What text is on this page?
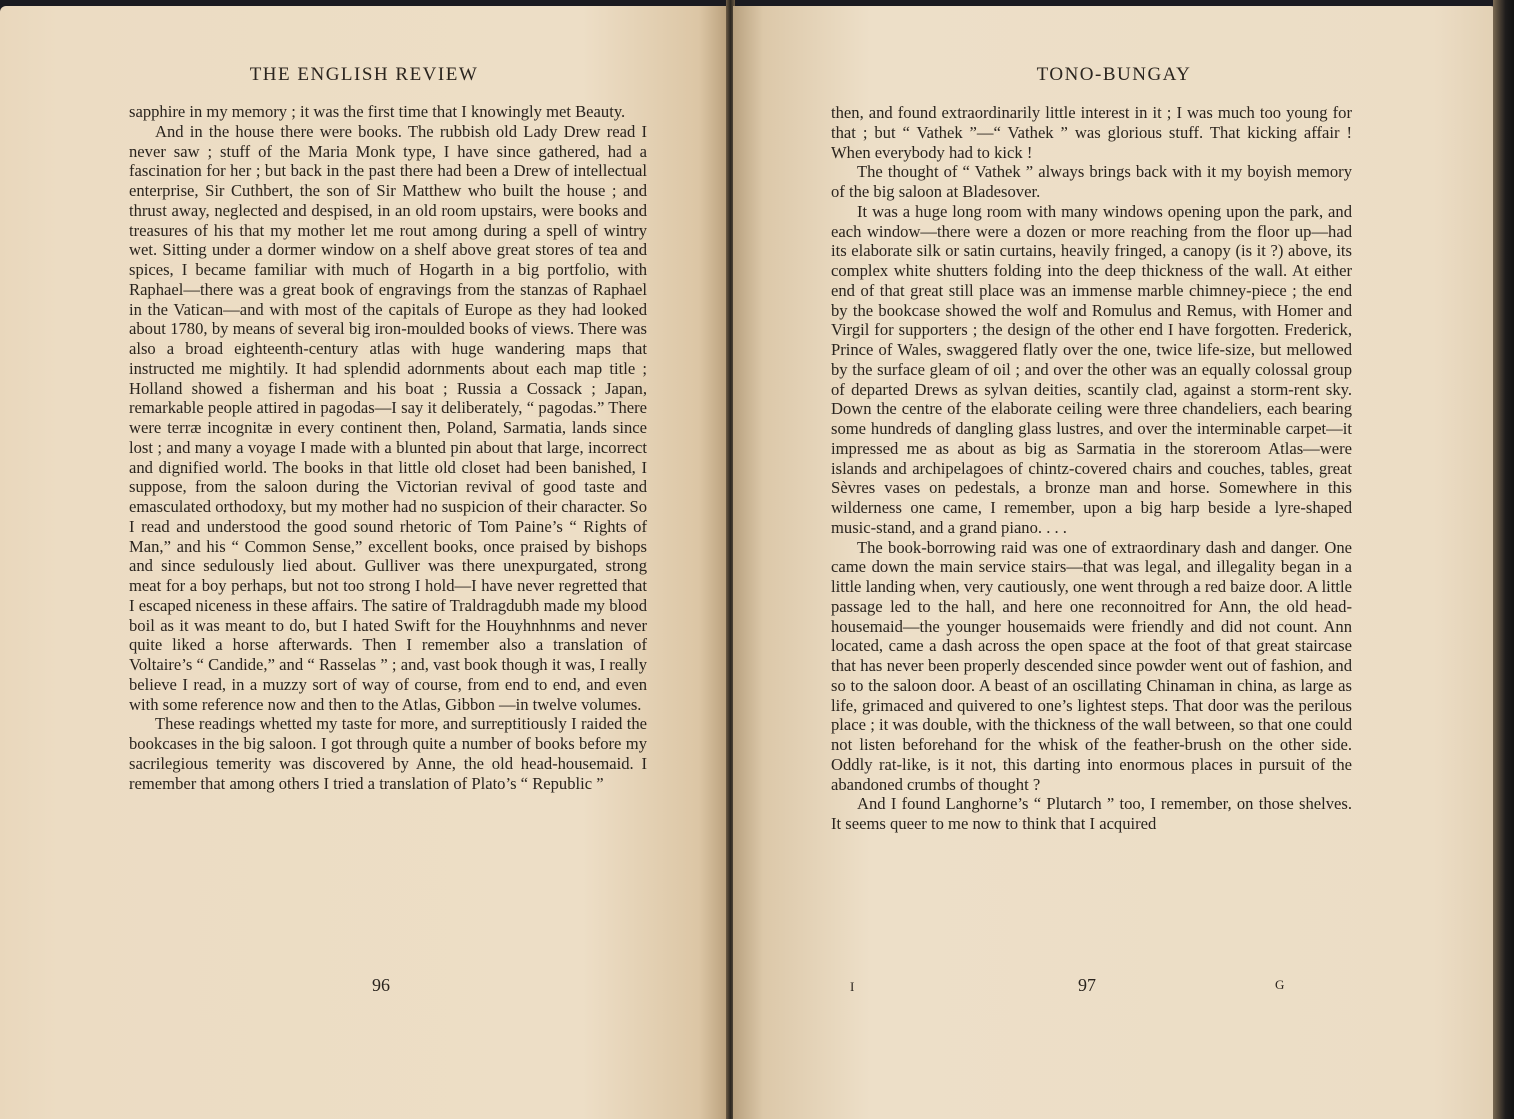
THE ENGLISH REVIEW

sapphire in my memory ; it was the first time that I knowingly met Beauty.

And in the house there were books. The rubbish old Lady Drew read I never saw ; stuff of the Maria Monk type, I have since gathered, had a fascination for her ; but back in the past there had been a Drew of intellectual enterprise, Sir Cuthbert, the son of Sir Matthew who built the house ; and thrust away, neglected and despised, in an old room upstairs, were books and treasures of his that my mother let me rout among during a spell of wintry wet. Sitting under a dormer window on a shelf above great stores of tea and spices, I became familiar with much of Hogarth in a big portfolio, with Raphael—there was a great book of engravings from the stanzas of Raphael in the Vatican—and with most of the capitals of Europe as they had looked about 1780, by means of several big iron-moulded books of views. There was also a broad eighteenth-century atlas with huge wandering maps that instructed me mightily. It had splendid adornments about each map title ; Holland showed a fisherman and his boat ; Russia a Cossack ; Japan, remarkable people attired in pagodas—I say it deliberately, “ pagodas.” There were terræ incognitæ in every continent then, Poland, Sarmatia, lands since lost ; and many a voyage I made with a blunted pin about that large, incorrect and dignified world. The books in that little old closet had been banished, I suppose, from the saloon during the Victorian revival of good taste and emasculated orthodoxy, but my mother had no suspicion of their character. So I read and understood the good sound rhetoric of Tom Paine’s “ Rights of Man,” and his “ Common Sense,” excellent books, once praised by bishops and since sedulously lied about. Gulliver was there unexpurgated, strong meat for a boy perhaps, but not too strong I hold—I have never regretted that I escaped niceness in these affairs. The satire of Traldragdubh made my blood boil as it was meant to do, but I hated Swift for the Houyhnhnms and never quite liked a horse afterwards. Then I remember also a translation of Voltaire’s “ Candide,” and “ Rasselas ” ; and, vast book though it was, I really believe I read, in a muzzy sort of way of course, from end to end, and even with some reference now and then to the Atlas, Gibbon —in twelve volumes.

These readings whetted my taste for more, and surreptitiously I raided the bookcases in the big saloon. I got through quite a number of books before my sacrilegious temerity was discovered by Anne, the old head-housemaid. I remember that among others I tried a translation of Plato’s “ Republic ”

96
TONO-BUNGAY

then, and found extraordinarily little interest in it ; I was much too young for that ; but “ Vathek ”—“ Vathek ” was glorious stuff. That kicking affair ! When everybody had to kick !

The thought of “ Vathek ” always brings back with it my boyish memory of the big saloon at Bladesover.

It was a huge long room with many windows opening upon the park, and each window—there were a dozen or more reaching from the floor up—had its elaborate silk or satin curtains, heavily fringed, a canopy (is it ?) above, its complex white shutters folding into the deep thickness of the wall. At either end of that great still place was an immense marble chimney-piece ; the end by the bookcase showed the wolf and Romulus and Remus, with Homer and Virgil for supporters ; the design of the other end I have forgotten. Frederick, Prince of Wales, swaggered flatly over the one, twice life-size, but mellowed by the surface gleam of oil ; and over the other was an equally colossal group of departed Drews as sylvan deities, scantily clad, against a storm-rent sky. Down the centre of the elaborate ceiling were three chandeliers, each bearing some hundreds of dangling glass lustres, and over the interminable carpet—it impressed me as about as big as Sarmatia in the storeroom Atlas—were islands and archipelagoes of chintz-covered chairs and couches, tables, great Sèvres vases on pedestals, a bronze man and horse. Somewhere in this wilderness one came, I remember, upon a big harp beside a lyre-shaped music-stand, and a grand piano. . . .

The book-borrowing raid was one of extraordinary dash and danger. One came down the main service stairs—that was legal, and illegality began in a little landing when, very cautiously, one went through a red baize door. A little passage led to the hall, and here one reconnoitred for Ann, the old head-housemaid—the younger housemaids were friendly and did not count. Ann located, came a dash across the open space at the foot of that great staircase that has never been properly descended since powder went out of fashion, and so to the saloon door. A beast of an oscillating Chinaman in china, as large as life, grimaced and quivered to one’s lightest steps. That door was the perilous place ; it was double, with the thickness of the wall between, so that one could not listen beforehand for the whisk of the feather-brush on the other side. Oddly rat-like, is it not, this darting into enormous places in pursuit of the abandoned crumbs of thought ?

And I found Langhorne’s “ Plutarch ” too, I remember, on those shelves. It seems queer to me now to think that I acquired

I	97	G
